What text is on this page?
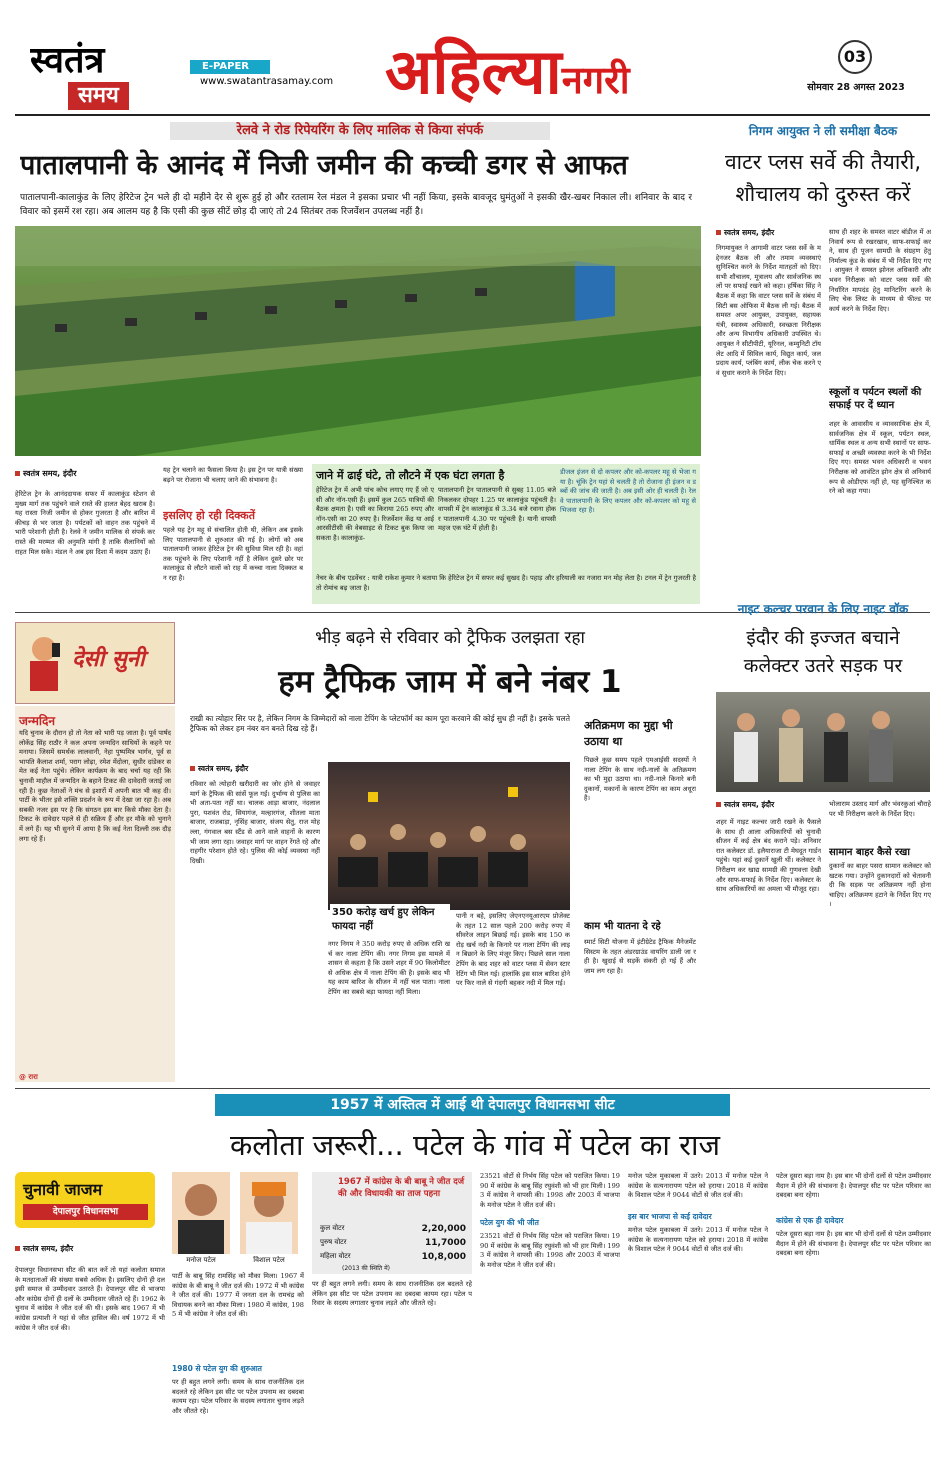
स्वतंत्र
समय
E-PAPER
www.swatantrasamay.com अहिल्यानगरी
03
सोमवार 28 अगस्त 2023
रेलवे ने रोड रिपेयरिंग के लिए मालिक से किया संपर्क
पातालपानी के आनंद में निजी जमीन की कच्ची डगर से आफत
पातालपानी-कालाकुंड के लिए हेरिटेज ट्रेन भले ही दो महीने देर से शुरू हुई हो और रतलाम रेल मंडल ने इसका प्रचार भी नहीं किया, इसके बावजूद घुमंतुओं ने इसकी खैर-खबर निकाल ली। शनिवार के बाद रविवार को इसमें रश रहा। अब आलम यह है कि एसी की कुछ सीटें छोड़ दी जाएं तो 24 सितंबर तक रिजर्वेशन उपलब्ध नहीं है।
स्वतंत्र समय, इंदौर
हेरिटेज ट्रेन के आनंददायक सफर में कालाकुंड स्टेशन से मुख्य मार्ग तक पहुंचने वाले रास्ते की हालत बेहद खराब है। यह रास्ता निजी जमीन से होकर गुजरता है और बारिश में कीचड़ से भर जाता है। पर्यटकों को वाहन तक पहुंचने में भारी परेशानी होती है। रेलवे ने जमीन मालिक से संपर्क कर रास्ते की मरम्मत की अनुमति मांगी है ताकि सैलानियों को राहत मिल सके। मंडल ने अब इस दिशा में कदम उठाए हैं।
यह ट्रेन चलाने का फैसला किया है। इस ट्रेन पर यात्री संख्या बढ़ने पर रोजाना भी चलाए जाने की संभावना है।
इसलिए हो रही दिक्कतें
पहले यह ट्रेन महू से संचालित होती थी, लेकिन अब इसके लिए पातालपानी से शुरुआत की गई है। लोगों को अब पातालपानी जाकर हेरिटेज ट्रेन की सुविधा मिल रही है। वहां तक पहुंचने के लिए परेशानी नहीं है लेकिन दूसरे छोर पर कालाकुंड से लौटने वालों को राह में कच्चा नाला दिक्कत बन रहा है।
जाने में ढाई घंटे, तो लौटने में एक घंटा लगता है
हेरिटेज ट्रेन में अभी पांच कोच लगाए गए हैं जो एसी और नॉन-एसी हैं। इसमें कुल 265 यात्रियों की बैठक क्षमता है। एसी का किराया 265 रुपए और नॉन-एसी का 20 रुपए है। रिजर्वेशन केंद्र या आईआरसीटीसी की वेबसाइट से टिकट बुक किया जा सकता है। कालाकुंड-
पातालपानी ट्रेन पातालपानी से सुबह 11.05 बजे निकलकर दोपहर 1.25 पर कालाकुंड पहुंचती है। वापसी में ट्रेन कालाकुंड से 3.34 बजे रवाना होकर पातालपानी 4.30 पर पहुंचती है। यानी वापसी महज एक घंटे में होती है।
डीजल इंजन से दो कपलर और को-कपलर महू से भेजा गया है। चूंकि ट्रेन यहां से चलती है तो रोजाना ही इंजन व डब्बों की जांच की जाती है। अब इसी ओर ही चलती है। रेलवे पातालपानी के लिए कपलर और को-कपलर को महू से भिजवा रहा है।
नेचर के बीच एडवेंचर : यात्री राकेश कुमार ने बताया कि हेरिटेज ट्रेन में सफर कई सुखद है। पहाड़ और हरियाली का नजारा मन मोह लेता है। टनल में ट्रेन गुजरती है तो रोमांच बढ़ जाता है।
निगम आयुक्त ने ली समीक्षा बैठक
वाटर प्लस सर्वे की तैयारी, शौचालय को दुरुस्त करें
स्वतंत्र समय, इंदौर
निगमायुक्त ने आगामी वाटर प्लस सर्वे के मद्देनजर बैठक ली और तमाम व्यवस्थाएं सुनिश्चित करने के निर्देश मातहतों को दिए। सभी शौचालय, मूत्रालय और सार्वजनिक स्थलों पर सफाई रखने को कहा। हर्षिका सिंह ने बैठक में कहा कि वाटर प्लस सर्वे के संबंध में सिटी बस ऑफिस में बैठक ली गई। बैठक में समस्त अपर आयुक्त, उपायुक्त, सहायक यंत्री, स्वास्थ्य अधिकारी, स्वच्छता निरीक्षक और अन्य विभागीय अधिकारी उपस्थित थे। आयुक्त ने सीटीपीटी, यूरिनल, कम्युनिटी टॉयलेट आदि में सिविल कार्य, विद्युत कार्य, जल प्रदाय कार्य, प्लंबिंग कार्य, लीक चेक करने एवं सुधार कराने के निर्देश दिए।
साथ ही शहर के समस्त वाटर बॉडीज में अनिवार्य रूप से रखरखाव, साफ-सफाई करने, साथ ही पूजन सामग्री के संग्रहण हेतु निर्माल्य कुंड के संबंध में भी निर्देश दिए गए। आयुक्त ने समस्त झोनल अधिकारी और भवन निरीक्षक को वाटर प्लस सर्वे की निर्धारित मापदंड हेतु मानिटरिंग करने के लिए चेक लिस्ट के माध्यम से फील्ड पर कार्य करने के निर्देश दिए।
स्कूलों व पर्यटन स्थलों की सफाई पर दें ध्यान
शहर के आवासीय व व्यावसायिक क्षेत्र में, सार्वजनिक क्षेत्र में स्कूल, पर्यटन स्थल, धार्मिक स्थल व अन्य सभी स्थानों पर साफ-सफाई व अच्छी व्यवस्था करने के भी निर्देश दिए गए। समस्त भवन अधिकारी व भवन निरीक्षक को आवंटित झोन क्षेत्र से अनिवार्य रूप से ओडीएफ नहीं हो, यह सुनिश्चित करने को कहा गया।
देसी सुनी
जन्मदिन
यदि चुनाव के दौरान हो तो नेता को भारी पड़ जाता है। पूर्व पार्षद लोकेंद्र सिंह राठौर ने कल अपना जन्मदिन साथियों के कहने पर मनाया। जिसमें समर्थक लालवानी, नेहा पुष्पमित्र भार्गव, पूर्व सभापति कैलाश शर्मा, पराग लोढ़ा, रमेश मेंदोला, सुधीर दांडेकर समेत कई नेता पहुंचे। लेकिन कार्यक्रम के बाद चर्चा यह रही कि चुनावी माहौल में जन्मदिन के बहाने टिकट की दावेदारी जताई जा रही है। कुछ नेताओं ने मंच से इशारों में अपनी बात भी कह दी। पार्टी के भीतर इसे शक्ति प्रदर्शन के रूप में देखा जा रहा है। अब सबकी नजर इस पर है कि संगठन इस बार किसे मौका देता है। टिकट के दावेदार पहले से ही सक्रिय हैं और हर मौके को भुनाने में लगे हैं। यह भी सुनने में आया है कि कई नेता दिल्ली तक दौड़ लगा रहे हैं।
@ रारा
भीड़ बढ़ने से रविवार को ट्रैफिक उलझता रहा
हम ट्रैफिक जाम में बने नंबर 1
राखी का त्योहार सिर पर है, लेकिन निगम के जिम्मेदारों को नाला टेपिंग के प्लेटफॉर्म का काम पूरा करवाने की कोई सुध ही नहीं है। इसके चलते ट्रैफिक को लेकर हम नंबर वन बनते दिख रहे हैं।
स्वतंत्र समय, इंदौर
रविवार को त्योहारी खरीदारी का जोर होने से जवाहर मार्ग के ट्रैफिक की सांसें फूल गईं। दुर्भाग्य से पुलिस का भी अता-पता नहीं था। चालक आड़ा बाजार, नंदलालपुरा, यशवंत रोड, सियागंज, मल्हारगंज, शीतला माता बाजार, राजबाड़ा, नृसिंह बाजार, संजय सेतु, राज मोहल्ला, गंगवाल बस स्टैंड से आने वाले वाहनों के कारण भी जाम लगा रहा। जवाहर मार्ग पर वाहन रेंगते रहे और राहगीर परेशान होते रहे। पुलिस की कोई व्यवस्था नहीं दिखी।
350 करोड़ खर्च हुए लेकिन फायदा नहीं
पानी न बहे, इसलिए जेएनएनयूआरएम प्रोजेक्ट के तहत 12 साल पहले 200 करोड़ रुपए में सीवरेज लाइन बिछाई गई। इसके बाद 150 करोड़ खर्च नदी के किनारे पर नाला टेपिंग की लाइन बिछाने के लिए मंजूर किए। पिछले साल नाला टेपिंग के बाद शहर को वाटर प्लस में सेवन स्टार रेटिंग भी मिल गई। हालांकि इस साल बारिश होने पर फिर नाले से गंदगी बहकर नदी में मिल गई।
नगर निगम ने 350 करोड़ रुपए से अधिक राशि खर्च कर नाला टेपिंग की। नगर निगम इस मामले में शासन से कहता है कि उसने शहर में 90 किलोमीटर से अधिक क्षेत्र में नाला टेपिंग की है। इसके बाद भी यह काम बारिश के सीजन में नहीं चल पाता। नाला टेपिंग का सबसे बड़ा फायदा नहीं मिला।
अतिक्रमण का मुद्दा भी उठाया था
पिछले कुछ समय पहले एमआईसी सदस्यों ने नाला टेपिंग के साथ नदी-नालों के अतिक्रमण का भी मुद्दा उठाया था। नदी-नाले किनारे बनी दुकानों, मकानों के कारण टेपिंग का काम अधूरा है।
काम भी यातना दे रहे
स्मार्ट सिटी योजना में इंटीग्रेटेड ट्रैफिक मैनेजमेंट सिस्टम के तहत अंडरग्राउंड वायरिंग डाली जा रही है। खुदाई से सड़कें संकरी हो गई हैं और जाम लग रहा है।
नाइट कल्चर परवान के लिए नाइट वॉक
इंदौर की इज्जत बचाने कलेक्टर उतरे सड़क पर
स्वतंत्र समय, इंदौर
शहर में नाइट कल्चर जारी रखने के फैसले के साथ ही आला अधिकारियों को चुनावी सीजन में कई क्षेत्र बंद कराने पड़े। शनिवार रात कलेक्टर डॉ. इलैयाराजा टी मेघदूत गार्डन पहुंचे। यहां कई दुकानें खुली थीं। कलेक्टर ने निरीक्षण कर खाद्य सामग्री की गुणवत्ता देखी और साफ-सफाई के निर्देश दिए। कलेक्टर के साथ अधिकारियों का अमला भी मौजूद रहा।
भोलाराम उस्ताद मार्ग और भंवरकुआं चौराहे पर भी निरीक्षण करने के निर्देश दिए।
सामान बाहर कैसे रखा
दुकानों का बाहर पसरा सामान कलेक्टर को खटक गया। उन्होंने दुकानदारों को चेतावनी दी कि सड़क पर अतिक्रमण नहीं होना चाहिए। अतिक्रमण हटाने के निर्देश दिए गए।
1957 में अस्तित्व में आई थी देपालपुर विधानसभा सीट
कलोता जरूरी... पटेल के गांव में पटेल का राज
चुनावी जाजम
देपालपुर विधानसभा
स्वतंत्र समय, इंदौर
देपालपुर विधानसभा सीट की बात करें तो यहां कलोता समाज के मतदाताओं की संख्या सबसे अधिक है। इसलिए दोनों ही दल इसी समाज से उम्मीदवार उतारते हैं। देपालपुर सीट से भाजपा और कांग्रेस दोनों ही दलों के उम्मीदवार जीतते रहे हैं। 1962 के चुनाव में कांग्रेस ने जीत दर्ज की थी। इसके बाद 1967 में भी कांग्रेस प्रत्याशी ने यहां से जीत हासिल की। वर्ष 1972 में भी कांग्रेस ने जीत दर्ज की।
मनोज पटेल	विशाल पटेल
पार्टी के बाबू सिंह रामसिंह को मौका मिला। 1967 में कांग्रेस के बी बाबू ने जीत दर्ज की। 1972 में भी कांग्रेस ने जीत दर्ज की। 1977 में जनता दल के रामचंद्र को विधायक बनने का मौका मिला। 1980 में कांग्रेस, 1985 में भी कांग्रेस ने जीत दर्ज की।
1980 से पटेल युग की शुरुआत
पर ही बहुत लगने लगी। समय के साथ राजनीतिक दल बदलते रहे लेकिन इस सीट पर पटेल उपनाम का दबदबा कायम रहा। पटेल परिवार के सदस्य लगातार चुनाव लड़ते और जीतते रहे।
1967 में कांग्रेस के बी बाबू ने जीत दर्ज की और विधायकी का ताज पहना
कुल वोटर	2,20,000
पुरुष वोटर	11,7000
महिला वोटर	10,8,000
(2013 की स्थिति में)
पर ही बहुत लगने लगी। समय के साथ राजनीतिक दल बदलते रहे लेकिन इस सीट पर पटेल उपनाम का दबदबा कायम रहा। पटेल परिवार के सदस्य लगातार चुनाव लड़ते और जीतते रहे।
23521 वोटों से निर्भय सिंह पटेल को पराजित किया। 1990 में कांग्रेस के बाबू सिंह रघुवंशी को भी हार मिली। 1993 में कांग्रेस ने वापसी की। 1998 और 2003 में भाजपा के मनोज पटेल ने जीत दर्ज की।
पटेल युग की भी जीत
23521 वोटों से निर्भय सिंह पटेल को पराजित किया। 1990 में कांग्रेस के बाबू सिंह रघुवंशी को भी हार मिली। 1993 में कांग्रेस ने वापसी की। 1998 और 2003 में भाजपा के मनोज पटेल ने जीत दर्ज की।
मनोज पटेल मुकाबला में उतरे। 2013 में मनोज पटेल ने कांग्रेस के सत्यनारायण पटेल को हराया। 2018 में कांग्रेस के विशाल पटेल ने 9044 वोटों से जीत दर्ज की।
इस बार भाजपा से कई दावेदार
मनोज पटेल मुकाबला में उतरे। 2013 में मनोज पटेल ने कांग्रेस के सत्यनारायण पटेल को हराया। 2018 में कांग्रेस के विशाल पटेल ने 9044 वोटों से जीत दर्ज की।
पटेल दूसरा बड़ा नाम है। इस बार भी दोनों दलों से पटेल उम्मीदवार मैदान में होने की संभावना है। देपालपुर सीट पर पटेल परिवार का दबदबा बना रहेगा।
कांग्रेस से एक ही दावेदार
पटेल दूसरा बड़ा नाम है। इस बार भी दोनों दलों से पटेल उम्मीदवार मैदान में होने की संभावना है। देपालपुर सीट पर पटेल परिवार का दबदबा बना रहेगा।
